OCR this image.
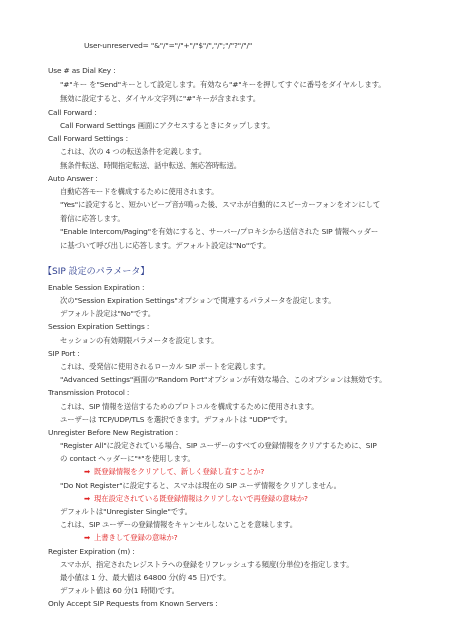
User-unreserved= "&"/"="/"+"/"$"/","/";"/"?"/"/"
Use # as Dial Key :
"#"キー を"Send"キーとして設定します。有効なら"#"キーを押してすぐに番号をダイヤルします。
無効に設定すると、ダイヤル文字列に"#"キーが含まれます。
Call Forward :
Call Forward Settings 画面にアクセスするときにタップします。
Call Forward Settings :
これは、次の 4 つの転送条件を定義します。
無条件転送、時間指定転送、話中転送、無応答時転送。
Auto Answer :
自動応答モードを構成するために使用されます。
"Yes"に設定すると、短かいビープ音が鳴った後、スマホが自動的にスピーカーフォンをオンにして
着信に応答します。
"Enable Intercom/Paging"を有効にすると、サーバー/プロキシから送信された SIP 情報ヘッダー
に基づいて呼び出しに応答します。デフォルト設定は"No"です。
【SIP 設定のパラメータ】
Enable Session Expiration :
次の"Session Expiration Settings"オプションで関連するパラメータを設定します。
デフォルト設定は"No"です。
Session Expiration Settings :
セッションの有効期限パラメータを設定します。
SIP Port :
これは、受発信に使用されるローカル SIP ポートを定義します。
"Advanced Settings"画面の"Random Port"オプションが有効な場合、このオプションは無効です。
Transmission Protocol :
これは、SIP 情報を送信するためのプロトコルを構成するために使用されます。
ユーザーは TCP/UDP/TLS を選択できます。デフォルトは "UDP"です。
Unregister Before New Registration :
"Register All"に設定されている場合、SIP ユーザーのすべての登録情報をクリアするために、SIP
の contact ヘッダーに"*"を使用します。
➡ 既登録情報をクリアして、新しく登録し直すことか?
"Do Not Register"に設定すると、スマホは現在の SIP ユーザ情報をクリアしません。
➡ 現在設定されている既登録情報はクリアしないで再登録の意味か?
デフォルトは"Unregister Single"です。
これは、SIP ユーザーの登録情報をキャンセルしないことを意味します。
➡ 上書きして登録の意味か?
Register Expiration (m) :
スマホが、指定されたレジストラへの登録をリフレッシュする頻度(分単位)を指定します。
最小値は 1 分、最大値は 64800 分(約 45 日)です。
デフォルト値は 60 分(1 時間)です。
Only Accept SIP Requests from Known Servers :
